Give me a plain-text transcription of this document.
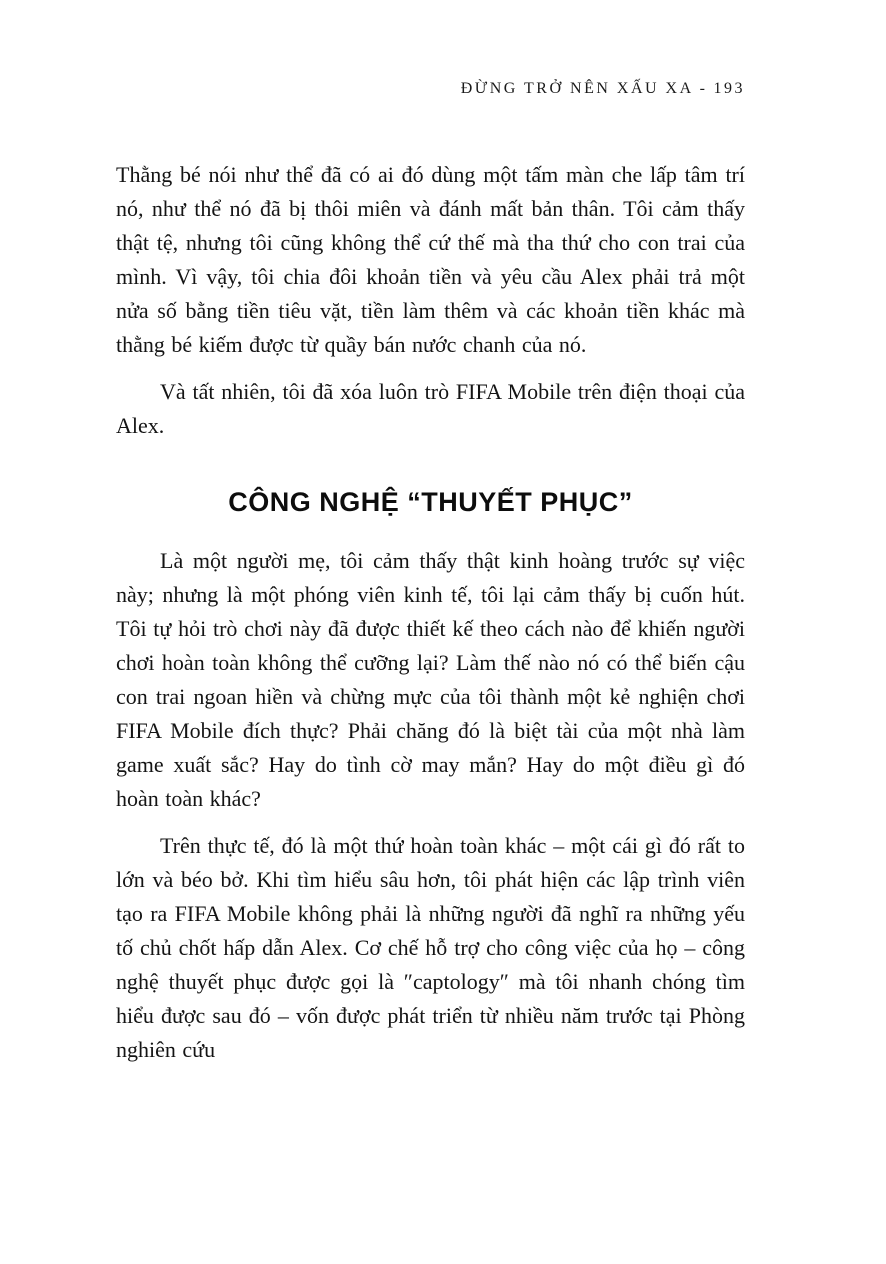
ĐỪNG TRỞ NÊN XẤU XA - 193

Thằng bé nói như thể đã có ai đó dùng một tấm màn che lấp tâm trí nó, như thể nó đã bị thôi miên và đánh mất bản thân. Tôi cảm thấy thật tệ, nhưng tôi cũng không thể cứ thế mà tha thứ cho con trai của mình. Vì vậy, tôi chia đôi khoản tiền và yêu cầu Alex phải trả một nửa số bằng tiền tiêu vặt, tiền làm thêm và các khoản tiền khác mà thằng bé kiếm được từ quầy bán nước chanh của nó.

Và tất nhiên, tôi đã xóa luôn trò FIFA Mobile trên điện thoại của Alex.

CÔNG NGHỆ “THUYẾT PHỤC”

Là một người mẹ, tôi cảm thấy thật kinh hoàng trước sự việc này; nhưng là một phóng viên kinh tế, tôi lại cảm thấy bị cuốn hút. Tôi tự hỏi trò chơi này đã được thiết kế theo cách nào để khiến người chơi hoàn toàn không thể cưỡng lại? Làm thế nào nó có thể biến cậu con trai ngoan hiền và chừng mực của tôi thành một kẻ nghiện chơi FIFA Mobile đích thực? Phải chăng đó là biệt tài của một nhà làm game xuất sắc? Hay do tình cờ may mắn? Hay do một điều gì đó hoàn toàn khác?

Trên thực tế, đó là một thứ hoàn toàn khác – một cái gì đó rất to lớn và béo bở. Khi tìm hiểu sâu hơn, tôi phát hiện các lập trình viên tạo ra FIFA Mobile không phải là những người đã nghĩ ra những yếu tố chủ chốt hấp dẫn Alex. Cơ chế hỗ trợ cho công việc của họ – công nghệ thuyết phục được gọi là ″captology″ mà tôi nhanh chóng tìm hiểu được sau đó – vốn được phát triển từ nhiều năm trước tại Phòng nghiên cứu
